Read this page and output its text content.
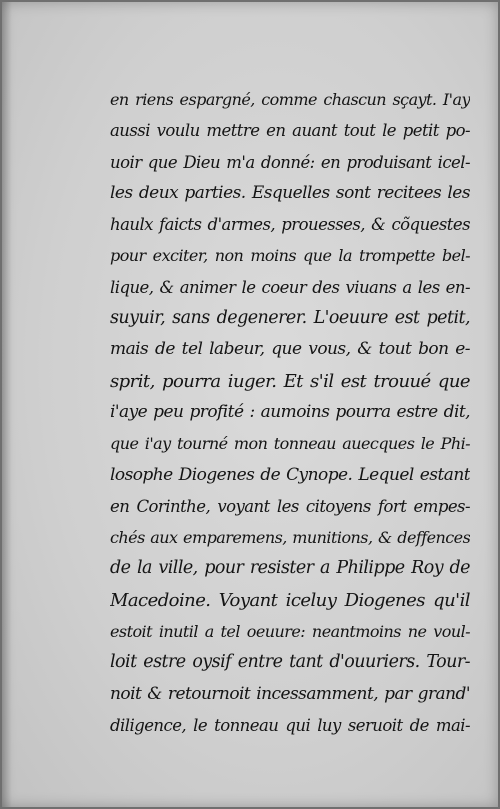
en riens espargné, comme chascun sçayt. I'ay
aussi voulu mettre en auant tout le petit po-
uoir que Dieu m'a donné: en produisant icel-
les deux parties. Esquelles sont recitees les
haulx faicts d'armes, prouesses, & cõquestes
pour exciter, non moins que la trompette bel-
lique, & animer le coeur des viuans a les en-
suyuir, sans degenerer. L'oeuure est petit,
mais de tel labeur, que vous, & tout bon e-
sprit, pourra iuger. Et s'il est trouué que
i'aye peu profité : aumoins pourra estre dit,
que i'ay tourné mon tonneau auecques le Phi-
losophe Diogenes de Cynope. Lequel estant
en Corinthe, voyant les citoyens fort empes-
chés aux emparemens, munitions, & deffences
de la ville, pour resister a Philippe Roy de
Macedoine. Voyant iceluy Diogenes qu'il
estoit inutil a tel oeuure: neantmoins ne voul-
loit estre oysif entre tant d'ouuriers. Tour-
noit & retournoit incessamment, par grand'
diligence, le tonneau qui luy seruoit de mai-
